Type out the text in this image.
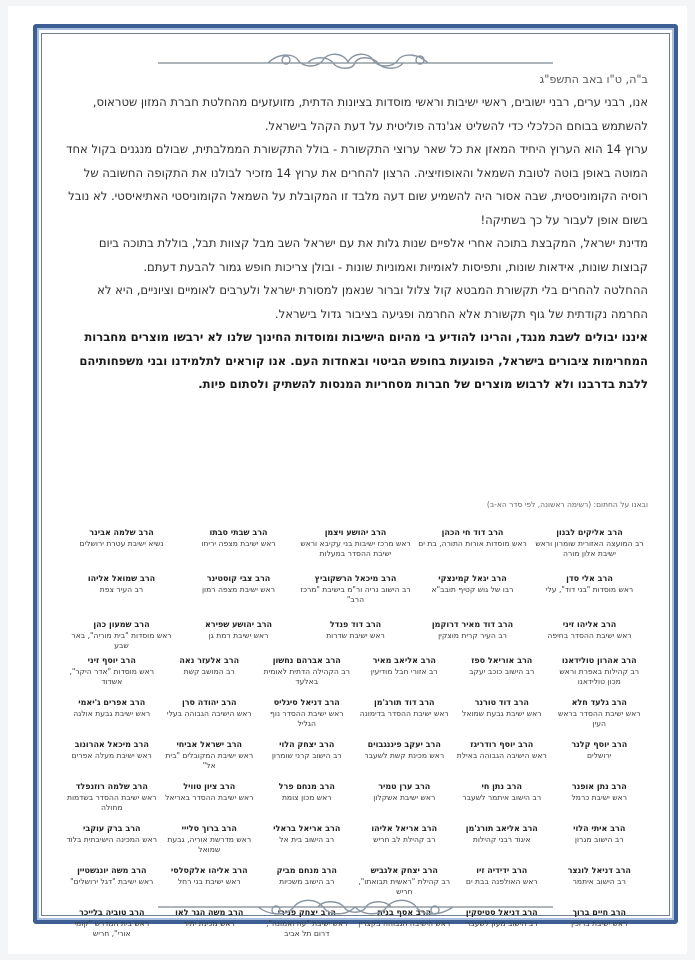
ב"ה, ט"ו באב התשפ"ג

אנו, רבני ערים, רבני ישובים, ראשי ישיבות וראשי מוסדות בציונות הדתית, מזועזעים מהחלטת חברת המזון שטראוס, להשתמש בבוחם הכלכלי כדי להשליט אג'נדה פוליטית על דעת הקהל בישראל.

ערוץ 14 הוא הערוץ היחיד המאזן את כל שאר ערוצי התקשורת - בולל התקשורת הממלבתית, שבולם מנגנים בקול אחד המוטה באופן בוטה לטובת השמאל והאופוזיציה. הרצון להחרים את ערוץ 14 מזכיר לבולנו את התקופה החשובה של רוסיה הקומוניסטית, שבה אסור היה להשמיע שום דעה מלבד זו המקובלת על השמאל הקומוניסטי האתיאיסטי. לא נובל בשום אופן לעבור על כך בשתיקה!

מדינת ישראל, המקבצת בתוכה אחרי אלפיים שנות גלות את עם ישראל השב מבל קצוות תבל, בוללת בתוכה ביום קבוצות שונות, אידאות שונות, ותפיסות לאומיות ואמוניות שונות - ובולן צריכות חופש גמור להבעת דעתם.

ההחלטה להחרים בלי תקשורת המבטא קול צלול וברור שנאמן למסורת ישראל ולערבים לאומיים וציוניים, היא לא החרמה נקודתית של גוף תקשורת אלא החרמה ופגיעה בציבור גדול בישראל.

איננו יבולים לשבת מנגד, והרינו להודיע בי מהיום הישיבות ומוסדות החינוך שלנו לא ירבשו מוצרים מחברות המחרימות ציבורים בישראל, הפוגעות בחופש הביטוי ובאחדות העם. אנו קוראים לתלמידנו ובני משפחותיהם ללבת בדרבנו ולא לרבוש מוצרים של חברות מסחריות המנסות להשתיק ולסתום פיות.

ובאנו על החתום: (רשימה ראשונה, לפי סדר הא-ב)
הרב אליקים לבנון
רב המועצה האזורית שומרון וראש ישיבת אלון מורה
הרב דוד חי הכהן
ראש מוסדות אורות התורה, בת ים
הרב יהושע ויצמן
ראש מרכז ישיבות בני עקיבא וראש ישיבת ההסדר במעלות
הרב שבתי סבתו
ראש ישיבת מצפה יריחו
הרב שלמה אבינר
נשיא ישיבת עטרת ירושלים
הרב אלי סדן
ראש מוסדות "בני דוד", עלי
הרב יגאל קמינצקי
רבו של גוש קטיף תובב"א
הרב מיכאל הרשקוביץ
רב הישוב נריה ור"מ בישיבת "מרכז הרב"
הרב צבי קוסטינר
ראש ישיבת מצפה רמון
הרב שמואל אליהו
רב העיר צפת
הרב אליהו זיני
ראש ישיבת ההסדר בחיפה
הרב דוד מאיר דרוקמן
רב העיר קרית מוצקין
הרב דוד פנדל
ראש ישיבת שדרות
הרב יהושע שפירא
ראש ישיבת רמת גן
הרב שמעון כהן
ראש מוסדות "בית מוריה", באר שבע
הרב אהרון טולידאנו
רב קהילות באפרת וראש מכון טולידאנו
הרב אוריאל ספז
רב הישוב כוכב יעקב
הרב אליאב מאיר
רב אזורי חבל מודיעין
הרב אברהם נחשון
רב הקהילה הדתית לאומית באלעד
הרב אלעזר נאה
רב המושב קשת
הרב יוסף זיני
ראש מוסדות "אדר היקר", אשדוד
הרב גלעד חלא
ראש ישיבת ההסדר בראש העין
הרב דוד טורנר
ראש ישיבת גבעת שמואל
הרב דוד תורג'מן
ראש ישיבת ההסדר בדימונה
הרב דניאל סיגליס
ראש ישיבת ההסדר נוף הגליל
הרב יהודה סרן
ראש הישיבה הגבוהה בעלי
הרב אפרים ג'יאמי
ראש ישיבת גבעת אולגה
הרב יוסף קלנר
ירושלים
הרב יוסף רודריגז
ראש הישיבה הגבוהה באילת
הרב יעקב פיננגבוים
ראש מכינת קשת לשעבר
הרב יצחק הלוי
רב הישוב קרני שומרון
הרב ישראל אביחי
ראש ישיבת המקובלים "בית אל"
הרב מיכאל אהרונוב
ראש ישיבת מעלה אפרים
הרב נתן אופנר
ראש ישיבת כרמל
הרב נתן חי
רב הישוב איתמר לשעבר
הרב ערן טמיר
ראש ישיבת אשקלון
הרב מנחם פרל
ראש מכון צומת
הרב ציון טוויל
ראש ישיבת ההסדר באריאל
הרב שלמה רוזנפלד
ראש ישיבת ההסדר בשדמות מחולה
הרב איתי הלוי
רב הישוב מגרון
הרב אליאב תורג'מן
איגוד רבני קהילות
הרב אריאל אליהו
רב קהילת לב חריש
הרב אריאל בראלי
רב הישוב בית אל
הרב ברוך סלייי
ראש מדרשת אוריה, גבעת שמואל
הרב ברק עוקבי
ראש המכינה הישיבתית בלוד
הרב דניאל לונצר
רב הישוב איתמר
הרב ידידיה זיו
ראש האולפנה בבת ים
הרב יצחק אלגביש
רב קהילת "ראשית תבואתו", חריש
הרב מנחם מביק
רב הישוב משכיות
הרב אליהו אלקסלסי
ראש ישיבת בני רחל
הרב משה יונגשטיין
ראש ישיבת "דגל ירושלים"
הרב חיים ברוך
ראש ישיבת ברוכין
הרב דניאל סטיסקין
רב הישוב מעון לשעבר
הרב אסף בנית
ראש הישיבה הגבוהה בקצרין
הרב יצחק פנירי
ראש ישיבת "עוז ואמונה", דרום תל אביב
הרב משה הגר לאו
ראש מכינת יתיר
הרב טוביה בלייכר
ראש בית המדרש "קומי אורי", חריש
